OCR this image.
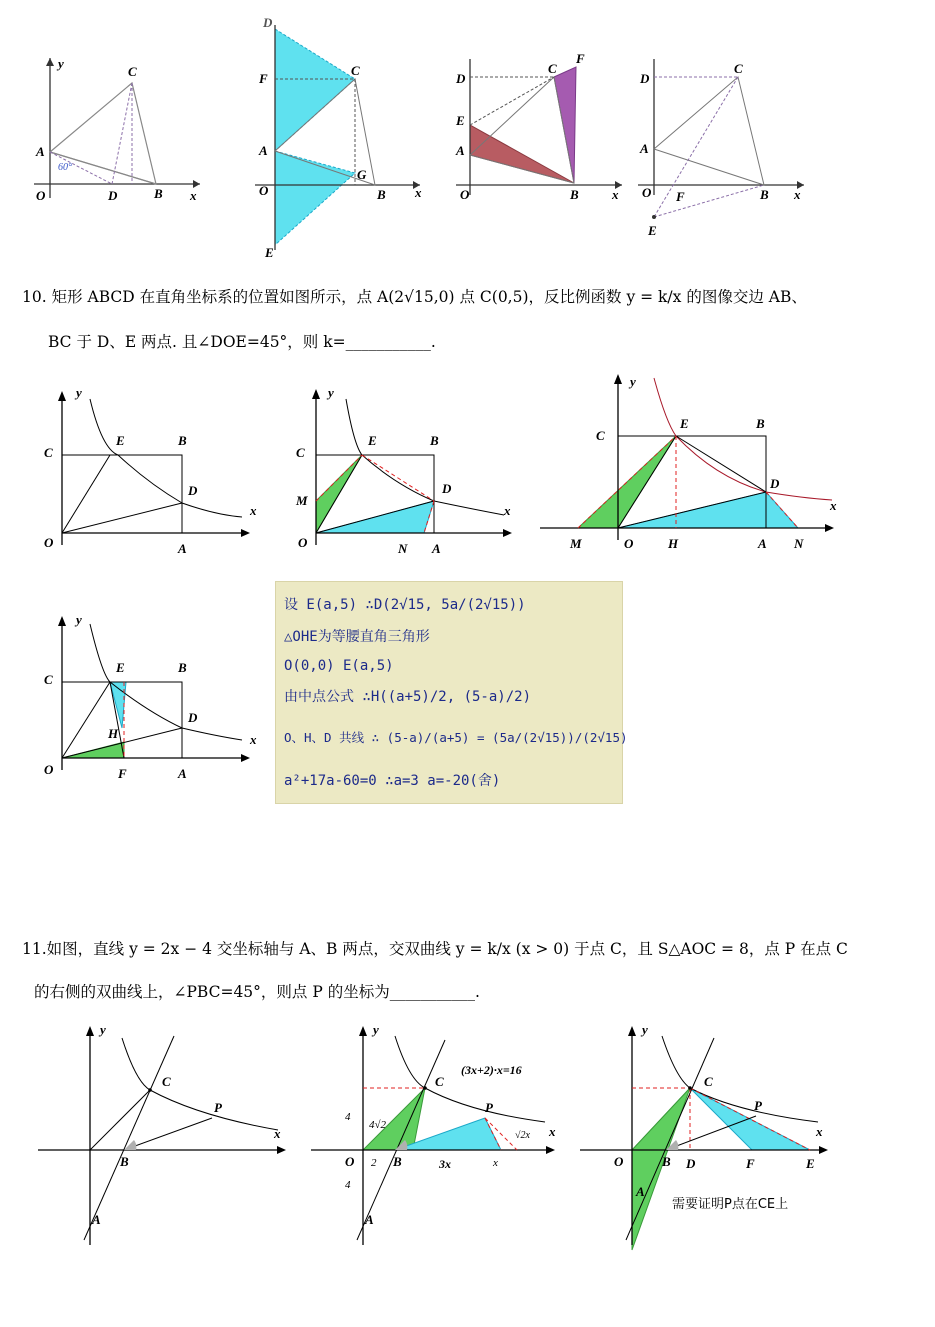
y
C
A
60°
O	D	B x
D
F
C
A
O
G
B x
E
D
C
F
E
A
O	B	x
D
C
A
O F	B x
E
10. 矩形 ABCD 在直角坐标系的位置如图所示，点 A(2√15,0) 点 C(0,5)，反比例函数 y = k/x 的图像交边 AB、
BC 于 D、E 两点. 且∠DOE=45°，则 k=___________.
y
C
E	B
D
x
O	A
y
C
E	B
D
M
x
O	N A
y
C
E	B
D
x
M	O	H	A N
y
C
E	B
D
H	x
O	F	A
设 E(a,5) ∴D(2√15, 5a/(2√15))
△OHE为等腰直角三角形
O(0,0) E(a,5)
由中点公式 ∴H((a+5)/2, (5-a)/2)
O、H、D 共线 ∴ (5-a)/(a+5) = (5a/(2√15))/(2√15)
a²+17a-60=0 ∴a=3 a=-20(舍)
11.如图，直线 y = 2x − 4 交坐标轴与 A、B 两点，交双曲线 y = k/x (x > 0) 于点 C，且 S△AOC = 8，点 P 在点 C
的右侧的双曲线上，∠PBC=45°，则点 P 的坐标为___________.
y
C
P
x
B
A
y
(3x+2)·x=16
C
P
4
4√2
√2x x
O 2 B	3x	x
4
A
y
C
P
x
O	B D	F	E
需要证明P点在CE上
A
